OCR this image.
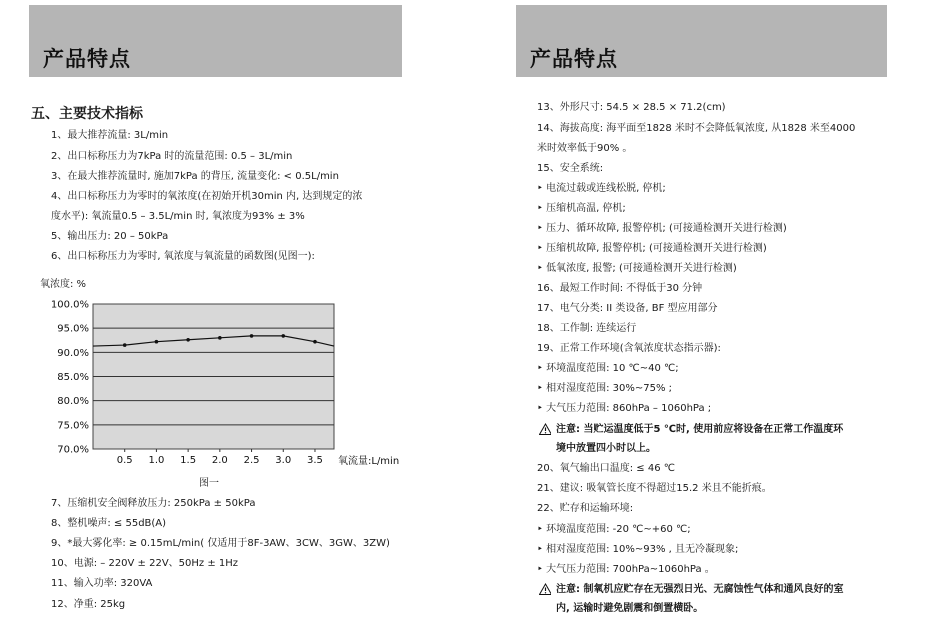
产品特点	产品特点
五、主要技术指标
1、最大推荐流量: 3L/min
2、出口标称压力为7kPa 时的流量范围: 0.5 – 3L/min
3、在最大推荐流量时, 施加7kPa 的背压, 流量变化: < 0.5L/min
4、出口标称压力为零时的氧浓度(在初始开机30min 内, 达到规定的浓
度水平): 氧流量0.5 – 3.5L/min 时, 氧浓度为93% ± 3%
5、输出压力: 20 – 50kPa
6、出口标称压力为零时, 氧浓度与氧流量的函数图(见图一):
70.0%
75.0%
80.0%
85.0%
90.0%
95.0%
100.0%
0.5 1.0 1.5 2.0 2.5 3.0 3.5 氧流量:L/min
氧浓度: %
图一
7、压缩机安全阀释放压力: 250kPa ± 50kPa
8、整机噪声: ≤ 55dB(A)
9、*最大雾化率: ≥ 0.15mL/min( 仅适用于8F-3AW、3CW、3GW、3ZW)
10、电源: – 220V ± 22V、50Hz ± 1Hz
11、输入功率: 320VA
12、净重: 25kg
13、外形尺寸: 54.5 × 28.5 × 71.2(cm)
14、海拔高度: 海平面至1828 米时不会降低氧浓度, 从1828 米至4000
米时效率低于90% 。
15、安全系统:
‣ 电流过载或连线松脱, 停机;
‣ 压缩机高温, 停机;
‣ 压力、循环故障, 报警停机; (可接通检测开关进行检测)
‣ 压缩机故障, 报警停机; (可接通检测开关进行检测)
‣ 低氧浓度, 报警; (可接通检测开关进行检测)
16、最短工作时间: 不得低于30 分钟
17、电气分类: II 类设备, BF 型应用部分
18、工作制: 连续运行
19、正常工作环境(含氧浓度状态指示器):
‣ 环境温度范围: 10 ℃~40 ℃;
‣ 相对湿度范围: 30%~75% ;
‣ 大气压力范围: 860hPa – 1060hPa ;
注意: 当贮运温度低于5 ℃时, 使用前应将设备在正常工作温度环
境中放置四小时以上。
20、氧气输出口温度: ≤ 46 ℃
21、建议: 吸氧管长度不得超过15.2 米且不能折痕。
22、贮存和运输环境:
‣ 环境温度范围: -20 ℃~+60 ℃;
‣ 相对湿度范围: 10%~93% , 且无冷凝现象;
‣ 大气压力范围: 700hPa~1060hPa 。
注意: 制氧机应贮存在无强烈日光、无腐蚀性气体和通风良好的室
内, 运输时避免剧震和倒置横卧。
